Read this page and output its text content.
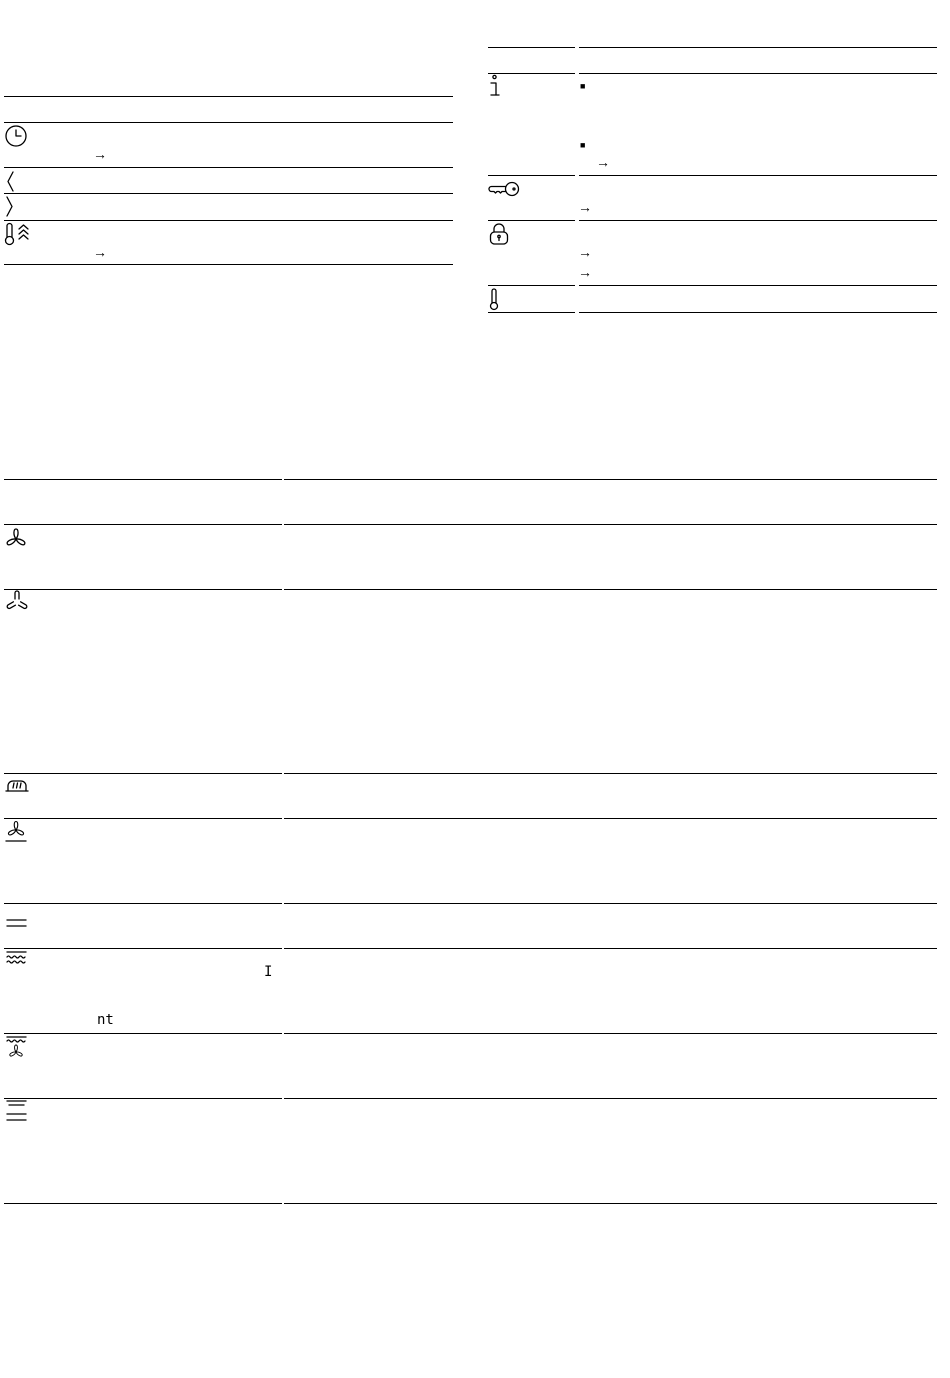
→
→
■
■
→
→
→
→
I
nt
